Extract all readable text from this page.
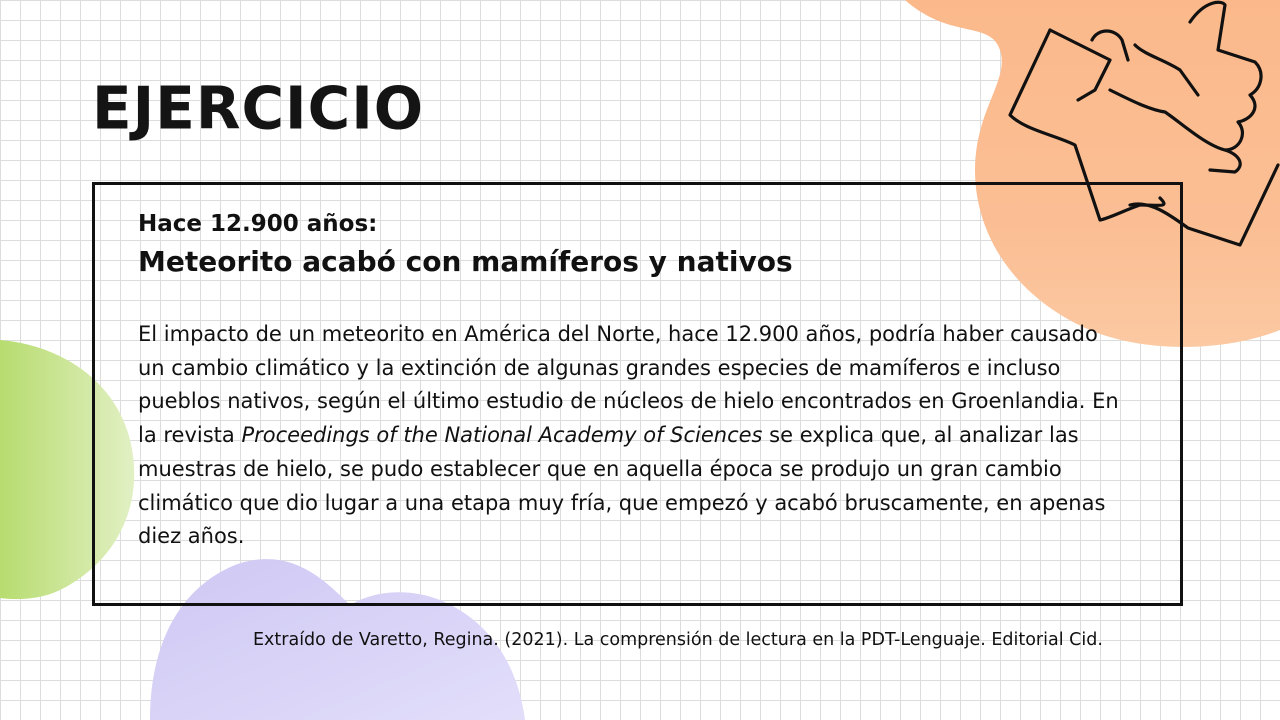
EJERCICIO

Hace 12.900 años:

Meteorito acabó con mamíferos y nativos

El impacto de un meteorito en América del Norte, hace 12.900 años, podría haber causado un cambio climático y la extinción de algunas grandes especies de mamíferos e incluso pueblos nativos, según el último estudio de núcleos de hielo encontrados en Groenlandia. En la revista Proceedings of the National Academy of Sciences se explica que, al analizar las muestras de hielo, se pudo establecer que en aquella época se produjo un gran cambio climático que dio lugar a una etapa muy fría, que empezó y acabó bruscamente, en apenas diez años.

Extraído de Varetto, Regina. (2021). La comprensión de lectura en la PDT-Lenguaje. Editorial Cid.
